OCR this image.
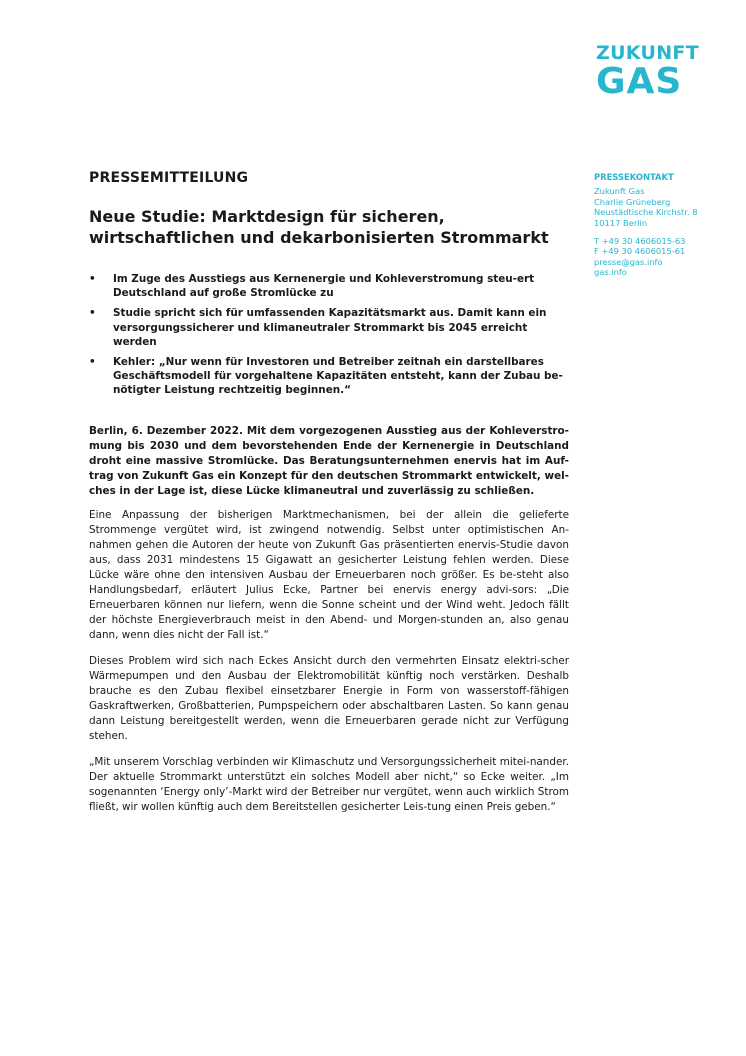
ZUKUNFT
GAS
PRESSEKONTAKT
Zukunft Gas
Charlie Grüneberg
Neustädtische Kirchstr. 8
10117 Berlin
T +49 30 4606015-63
F +49 30 4606015-61
presse@gas.info
gas.info

PRESSEMITTEILUNG

Neue Studie: Marktdesign für sicheren, wirtschaftlichen und dekarbonisierten Strommarkt
• Im Zuge des Ausstiegs aus Kernenergie und Kohleverstromung steu-ert Deutschland auf große Stromlücke zu
• Studie spricht sich für umfassenden Kapazitätsmarkt aus. Damit kann ein versorgungssicherer und klimaneutraler Strommarkt bis 2045 erreicht werden
• Kehler: „Nur wenn für Investoren und Betreiber zeitnah ein darstellbares Geschäftsmodell für vorgehaltene Kapazitäten entsteht, kann der Zubau be-nötigter Leistung rechtzeitig beginnen.“

Berlin, 6. Dezember 2022. Mit dem vorgezogenen Ausstieg aus der Kohleverstro-mung bis 2030 und dem bevorstehenden Ende der Kernenergie in Deutschland droht eine massive Stromlücke. Das Beratungsunternehmen enervis hat im Auf-trag von Zukunft Gas ein Konzept für den deutschen Strommarkt entwickelt, wel-ches in der Lage ist, diese Lücke klimaneutral und zuverlässig zu schließen.

Eine Anpassung der bisherigen Marktmechanismen, bei der allein die gelieferte Strommenge vergütet wird, ist zwingend notwendig. Selbst unter optimistischen An-nahmen gehen die Autoren der heute von Zukunft Gas präsentierten enervis-Studie davon aus, dass 2031 mindestens 15 Gigawatt an gesicherter Leistung fehlen werden. Diese Lücke wäre ohne den intensiven Ausbau der Erneuerbaren noch größer. Es be-steht also Handlungsbedarf, erläutert Julius Ecke, Partner bei enervis energy advi-sors: „Die Erneuerbaren können nur liefern, wenn die Sonne scheint und der Wind weht. Jedoch fällt der höchste Energieverbrauch meist in den Abend- und Morgen-stunden an, also genau dann, wenn dies nicht der Fall ist.“

Dieses Problem wird sich nach Eckes Ansicht durch den vermehrten Einsatz elektri-scher Wärmepumpen und den Ausbau der Elektromobilität künftig noch verstärken. Deshalb brauche es den Zubau flexibel einsetzbarer Energie in Form von wasserstoff-fähigen Gaskraftwerken, Großbatterien, Pumpspeichern oder abschaltbaren Lasten. So kann genau dann Leistung bereitgestellt werden, wenn die Erneuerbaren gerade nicht zur Verfügung stehen.

„Mit unserem Vorschlag verbinden wir Klimaschutz und Versorgungssicherheit mitei-nander. Der aktuelle Strommarkt unterstützt ein solches Modell aber nicht,“ so Ecke weiter. „Im sogenannten ‘Energy only’-Markt wird der Betreiber nur vergütet, wenn auch wirklich Strom fließt, wir wollen künftig auch dem Bereitstellen gesicherter Leis-tung einen Preis geben.“
